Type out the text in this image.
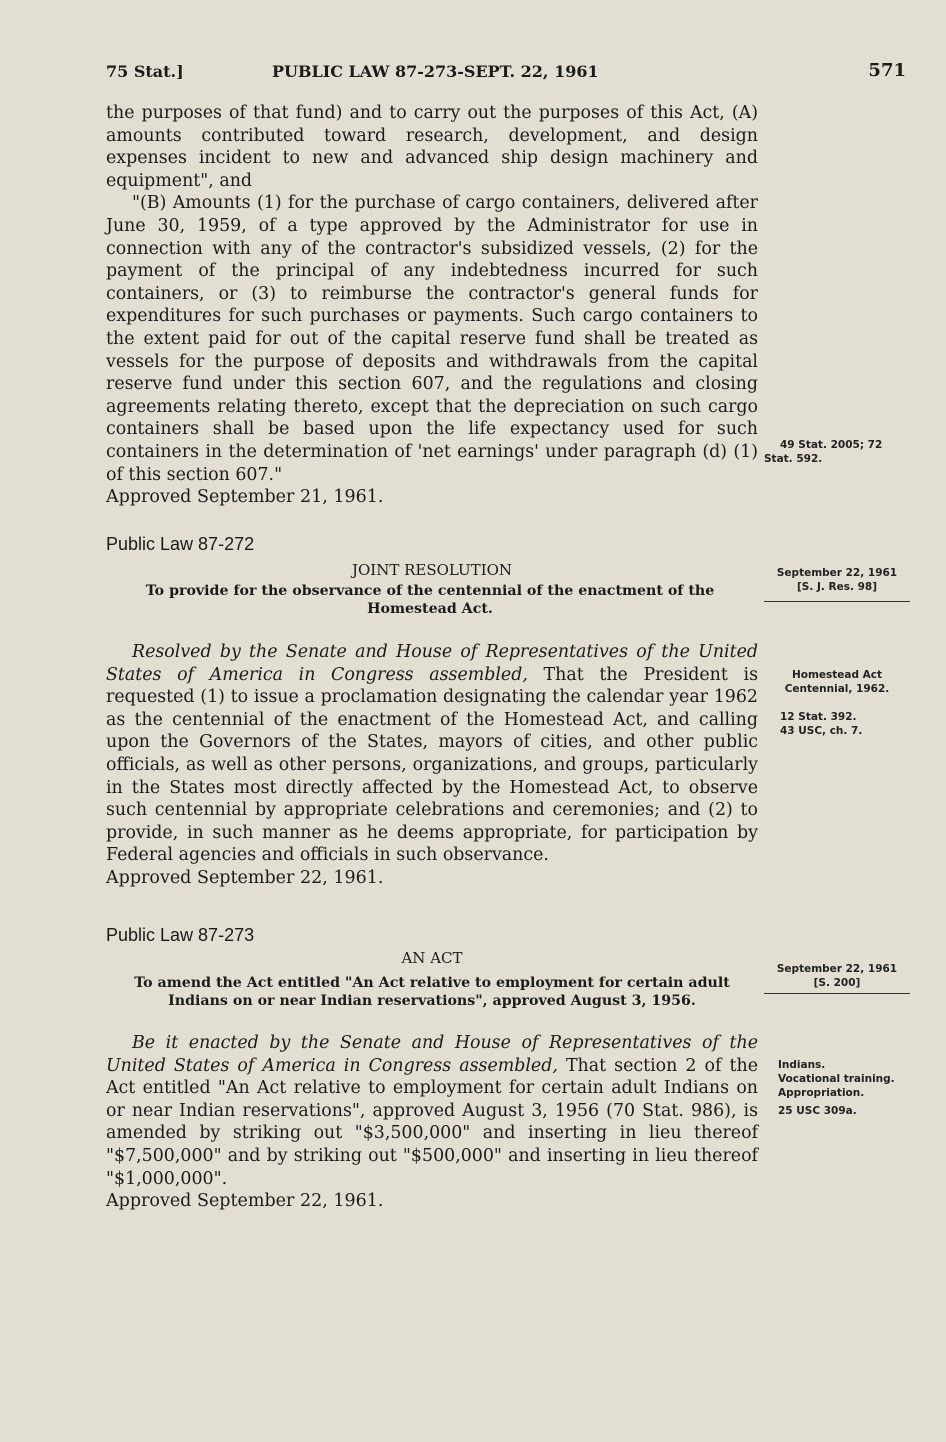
75 Stat.]	PUBLIC LAW 87-273-SEPT. 22, 1961	571

the purposes of that fund) and to carry out the purposes of this Act, (A) amounts contributed toward research, development, and design expenses incident to new and advanced ship design machinery and equipment", and

"(B) Amounts (1) for the purchase of cargo containers, delivered after June 30, 1959, of a type approved by the Administrator for use in connection with any of the contractor's subsidized vessels, (2) for the payment of the principal of any indebtedness incurred for such containers, or (3) to reimburse the contractor's general funds for expenditures for such purchases or payments. Such cargo containers to the extent paid for out of the capital reserve fund shall be treated as vessels for the purpose of deposits and withdrawals from the capital reserve fund under this section 607, and the regulations and closing agreements relating thereto, except that the depreciation on such cargo containers shall be based upon the life expectancy used for such containers in the determination of 'net earnings' under paragraph (d) (1) of this section 607."

Approved September 21, 1961.

49 Stat. 2005; 72
Stat. 592.
Public Law 87-272
JOINT RESOLUTION
To provide for the observance of the centennial of the enactment of the Homestead Act.
September 22, 1961
[S. J. Res. 98]

Resolved by the Senate and House of Representatives of the United States of America in Congress assembled, That the President is requested (1) to issue a proclamation designating the calendar year 1962 as the centennial of the enactment of the Homestead Act, and calling upon the Governors of the States, mayors of cities, and other public officials, as well as other persons, organizations, and groups, particularly in the States most directly affected by the Homestead Act, to observe such centennial by appropriate celebrations and ceremonies; and (2) to provide, in such manner as he deems appropriate, for participation by Federal agencies and officials in such observance.

Approved September 22, 1961.

Homestead Act
Centennial, 1962.
12 Stat. 392.
43 USC, ch. 7.
Public Law 87-273
AN ACT
To amend the Act entitled "An Act relative to employment for certain adult Indians on or near Indian reservations", approved August 3, 1956.
September 22, 1961
[S. 200]

Be it enacted by the Senate and House of Representatives of the United States of America in Congress assembled, That section 2 of the Act entitled "An Act relative to employment for certain adult Indians on or near Indian reservations", approved August 3, 1956 (70 Stat. 986), is amended by striking out "$3,500,000" and inserting in lieu thereof "$7,500,000" and by striking out "$500,000" and inserting in lieu thereof "$1,000,000".

Approved September 22, 1961.

Indians.
Vocational training.
Appropriation.
25 USC 309a.
